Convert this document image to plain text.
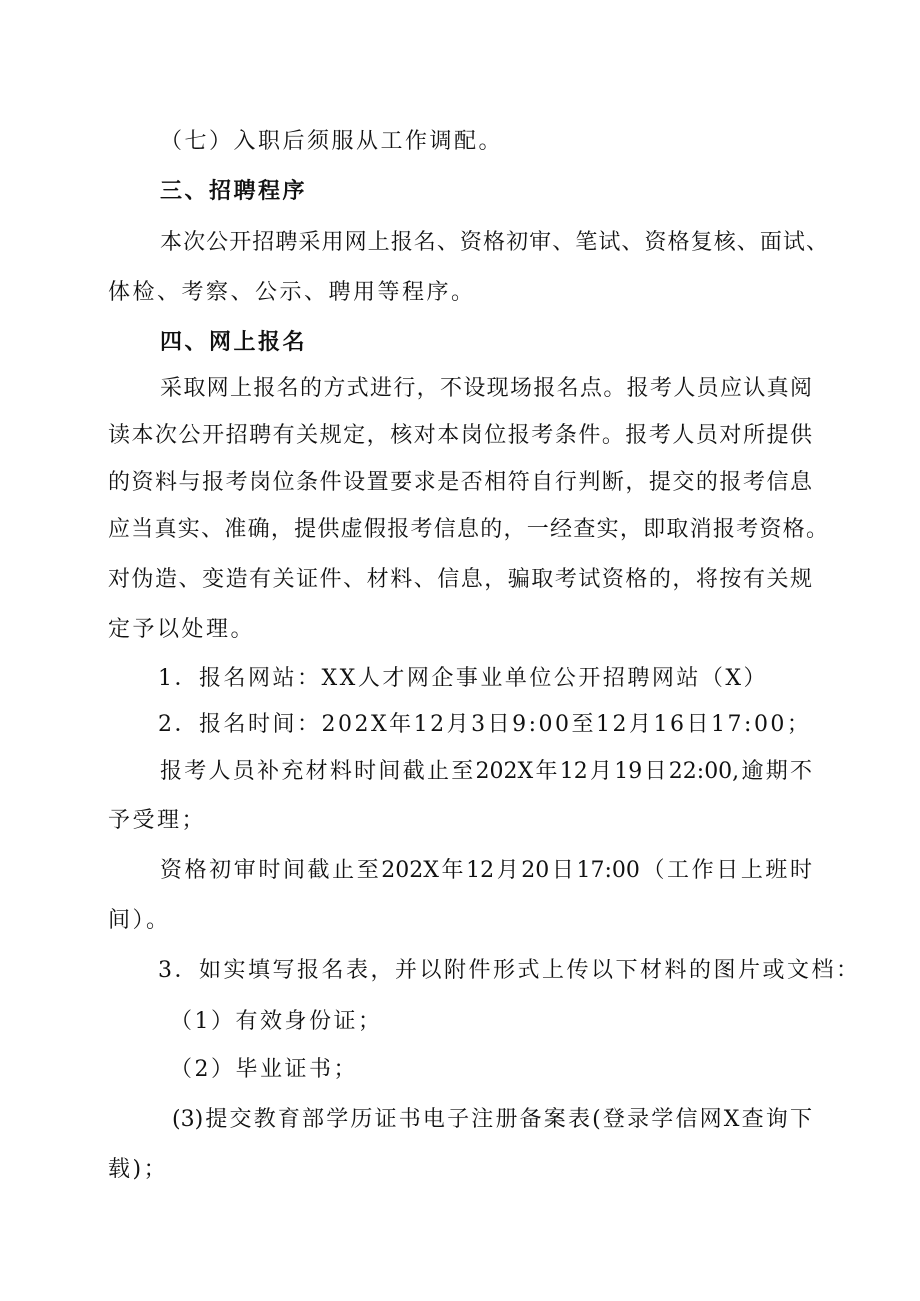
（七）入职后须服从工作调配。

三、招聘程序

本次公开招聘采用网上报名、资格初审、笔试、资格复核、面试、

体检、考察、公示、聘用等程序。

四、网上报名

采取网上报名的方式进行，不设现场报名点。报考人员应认真阅

读本次公开招聘有关规定，核对本岗位报考条件。报考人员对所提供

的资料与报考岗位条件设置要求是否相符自行判断，提交的报考信息

应当真实、准确，提供虚假报考信息的，一经查实，即取消报考资格。

对伪造、变造有关证件、材料、信息，骗取考试资格的，将按有关规

定予以处理。

1．报名网站：XX人才网企事业单位公开招聘网站（X）

2．报名时间：202X年12月3日9:00至12月16日17:00；

报考人员补充材料时间截止至202X年12月19日22:00,逾期不

予受理；

资格初审时间截止至202X年12月20日17:00（工作日上班时

间）。

3．如实填写报名表，并以附件形式上传以下材料的图片或文档：

（1）有效身份证；

（2）毕业证书；

(3)提交教育部学历证书电子注册备案表(登录学信网X查询下

载)；
